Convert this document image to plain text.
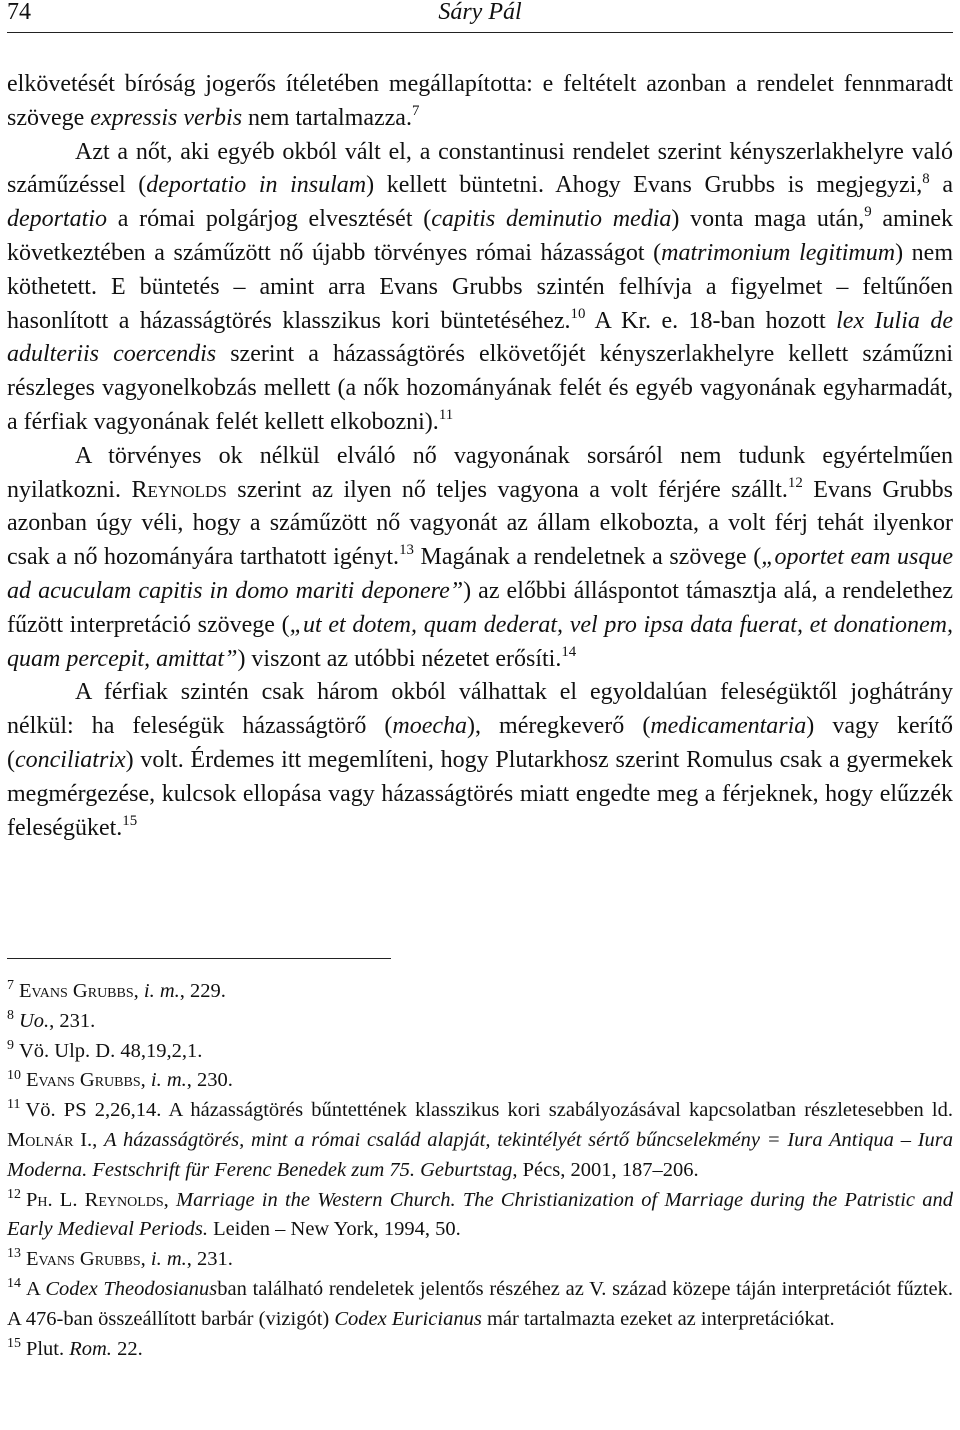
74	Sáry Pál

elkövetését bíróság jogerős ítéletében megállapította: e feltételt azonban a rendelet fennmaradt szövege expressis verbis nem tartalmazza.$^7$

Azt a nőt, aki egyéb okból vált el, a constantinusi rendelet szerint kényszerlakhelyre való száműzéssel (deportatio in insulam) kellett büntetni. Ahogy Evans Grubbs is megjegyzi,$^8$ a deportatio a római polgárjog elvesztését (capitis deminutio media) vonta maga után,$^9$ aminek következtében a száműzött nő újabb törvényes római házasságot (matrimonium legitimum) nem köthetett. E büntetés – amint arra Evans Grubbs szintén felhívja a figyelmet – feltűnően hasonlított a házasságtörés klasszikus kori büntetéséhez.$^{10}$ A Kr. e. 18-ban hozott lex Iulia de adulteriis coercendis szerint a házasságtörés elkövetőjét kényszerlakhelyre kellett száműzni részleges vagyonelkobzás mellett (a nők hozományának felét és egyéb vagyonának egyharmadát, a férfiak vagyonának felét kellett elkobozni).$^{11}$

A törvényes ok nélkül elváló nő vagyonának sorsáról nem tudunk egyértelműen nyilatkozni. Reynolds szerint az ilyen nő teljes vagyona a volt férjére szállt.$^{12}$ Evans Grubbs azonban úgy véli, hogy a száműzött nő vagyonát az állam elkobozta, a volt férj tehát ilyenkor csak a nő hozományára tarthatott igényt.$^{13}$ Magának a rendeletnek a szövege („oportet eam usque ad acuculam capitis in domo mariti deponere”) az előbbi álláspontot támasztja alá, a rendelethez fűzött interpretáció szövege („ut et dotem, quam dederat, vel pro ipsa data fuerat, et donationem, quam percepit, amittat”) viszont az utóbbi nézetet erősíti.$^{14}$

A férfiak szintén csak három okból válhattak el egyoldalúan feleségüktől joghátrány nélkül: ha feleségük házasságtörő (moecha), méregkeverő (medicamentaria) vagy kerítő (conciliatrix) volt. Érdemes itt megemlíteni, hogy Plutarkhosz szerint Romulus csak a gyermekek megmérgezése, kulcsok ellopása vagy házasságtörés miatt engedte meg a férjeknek, hogy elűzzék feleségüket.$^{15}$

$^7$ Evans Grubbs, i. m., 229.

$^8$ Uo., 231.

$^9$ Vö. Ulp. D. 48,19,2,1.

$^{10}$ Evans Grubbs, i. m., 230.

$^{11}$ Vö. PS 2,26,14. A házasságtörés bűntettének klasszikus kori szabályozásával kapcsolatban részletesebben ld. Molnár I., A házasságtörés, mint a római család alapját, tekintélyét sértő bűncselekmény = Iura Antiqua – Iura Moderna. Festschrift für Ferenc Benedek zum 75. Geburtstag, Pécs, 2001, 187–206.

$^{12}$ Ph. L. Reynolds, Marriage in the Western Church. The Christianization of Marriage during the Patristic and Early Medieval Periods. Leiden – New York, 1994, 50.

$^{13}$ Evans Grubbs, i. m., 231.

$^{14}$ A Codex Theodosianusban található rendeletek jelentős részéhez az V. század közepe táján interpretációt fűztek. A 476-ban összeállított barbár (vizigót) Codex Euricianus már tartalmazta ezeket az interpretációkat.

$^{15}$ Plut. Rom. 22.
